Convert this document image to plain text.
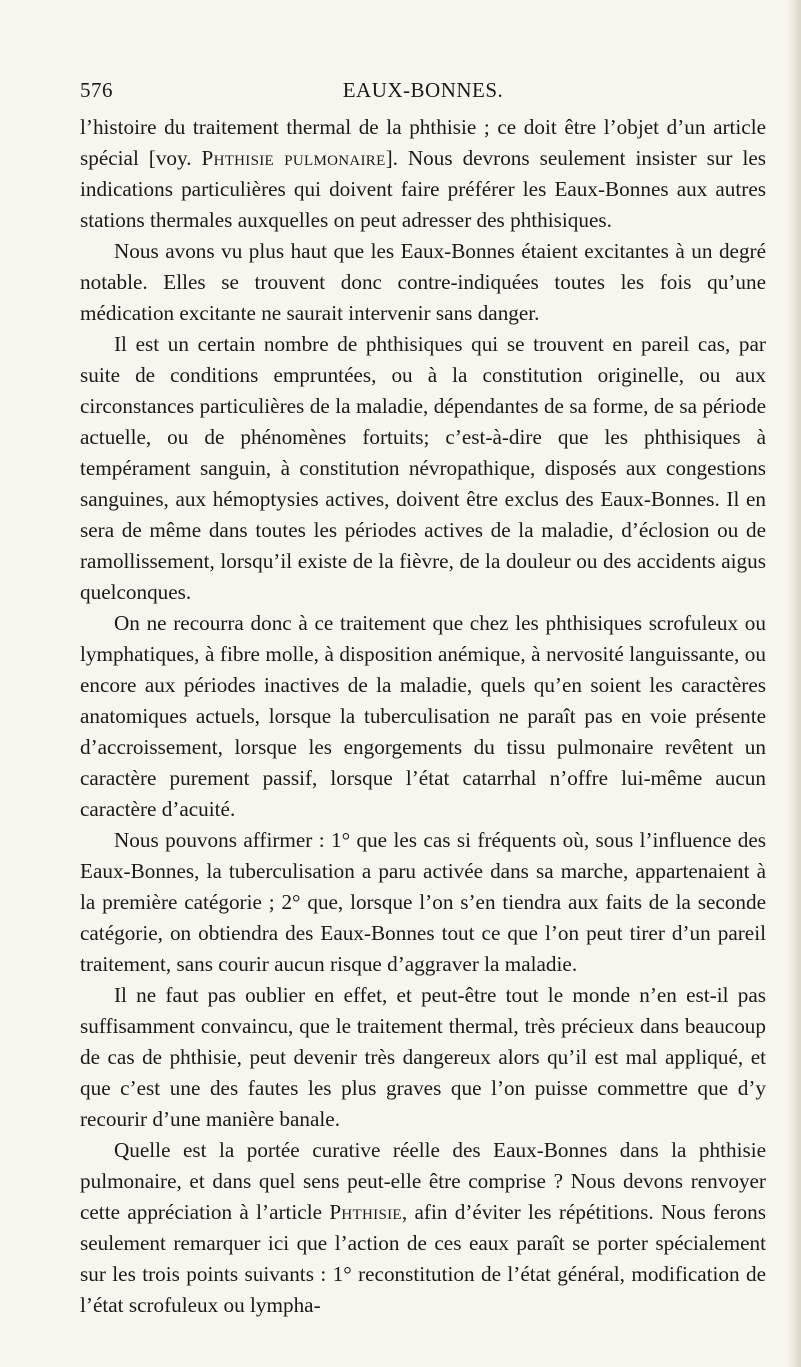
576	EAUX-BONNES.

l’histoire du traitement thermal de la phthisie ; ce doit être l’objet d’un article spécial [voy. Phthisie pulmonaire]. Nous devrons seulement insister sur les indications particulières qui doivent faire préférer les Eaux-Bonnes aux autres stations thermales auxquelles on peut adresser des phthisiques.

Nous avons vu plus haut que les Eaux-Bonnes étaient excitantes à un degré notable. Elles se trouvent donc contre-indiquées toutes les fois qu’une médication excitante ne saurait intervenir sans danger.

Il est un certain nombre de phthisiques qui se trouvent en pareil cas, par suite de conditions empruntées, ou à la constitution originelle, ou aux circonstances particulières de la maladie, dépendantes de sa forme, de sa période actuelle, ou de phénomènes fortuits; c’est-à-dire que les phthisiques à tempérament sanguin, à constitution névropathique, disposés aux congestions sanguines, aux hémoptysies actives, doivent être exclus des Eaux-Bonnes. Il en sera de même dans toutes les périodes actives de la maladie, d’éclosion ou de ramollissement, lorsqu’il existe de la fièvre, de la douleur ou des accidents aigus quelconques.

On ne recourra donc à ce traitement que chez les phthisiques scrofuleux ou lymphatiques, à fibre molle, à disposition anémique, à nervosité languissante, ou encore aux périodes inactives de la maladie, quels qu’en soient les caractères anatomiques actuels, lorsque la tuberculisation ne paraît pas en voie présente d’accroissement, lorsque les engorgements du tissu pulmonaire revêtent un caractère purement passif, lorsque l’état catarrhal n’offre lui-même aucun caractère d’acuité.

Nous pouvons affirmer : 1° que les cas si fréquents où, sous l’influence des Eaux-Bonnes, la tuberculisation a paru activée dans sa marche, appartenaient à la première catégorie ; 2° que, lorsque l’on s’en tiendra aux faits de la seconde catégorie, on obtiendra des Eaux-Bonnes tout ce que l’on peut tirer d’un pareil traitement, sans courir aucun risque d’aggraver la maladie.

Il ne faut pas oublier en effet, et peut-être tout le monde n’en est-il pas suffisamment convaincu, que le traitement thermal, très précieux dans beaucoup de cas de phthisie, peut devenir très dangereux alors qu’il est mal appliqué, et que c’est une des fautes les plus graves que l’on puisse commettre que d’y recourir d’une manière banale.

Quelle est la portée curative réelle des Eaux-Bonnes dans la phthisie pulmonaire, et dans quel sens peut-elle être comprise ? Nous devons renvoyer cette appréciation à l’article Phthisie, afin d’éviter les répétitions. Nous ferons seulement remarquer ici que l’action de ces eaux paraît se porter spécialement sur les trois points suivants : 1° reconstitution de l’état général, modification de l’état scrofuleux ou lympha-
